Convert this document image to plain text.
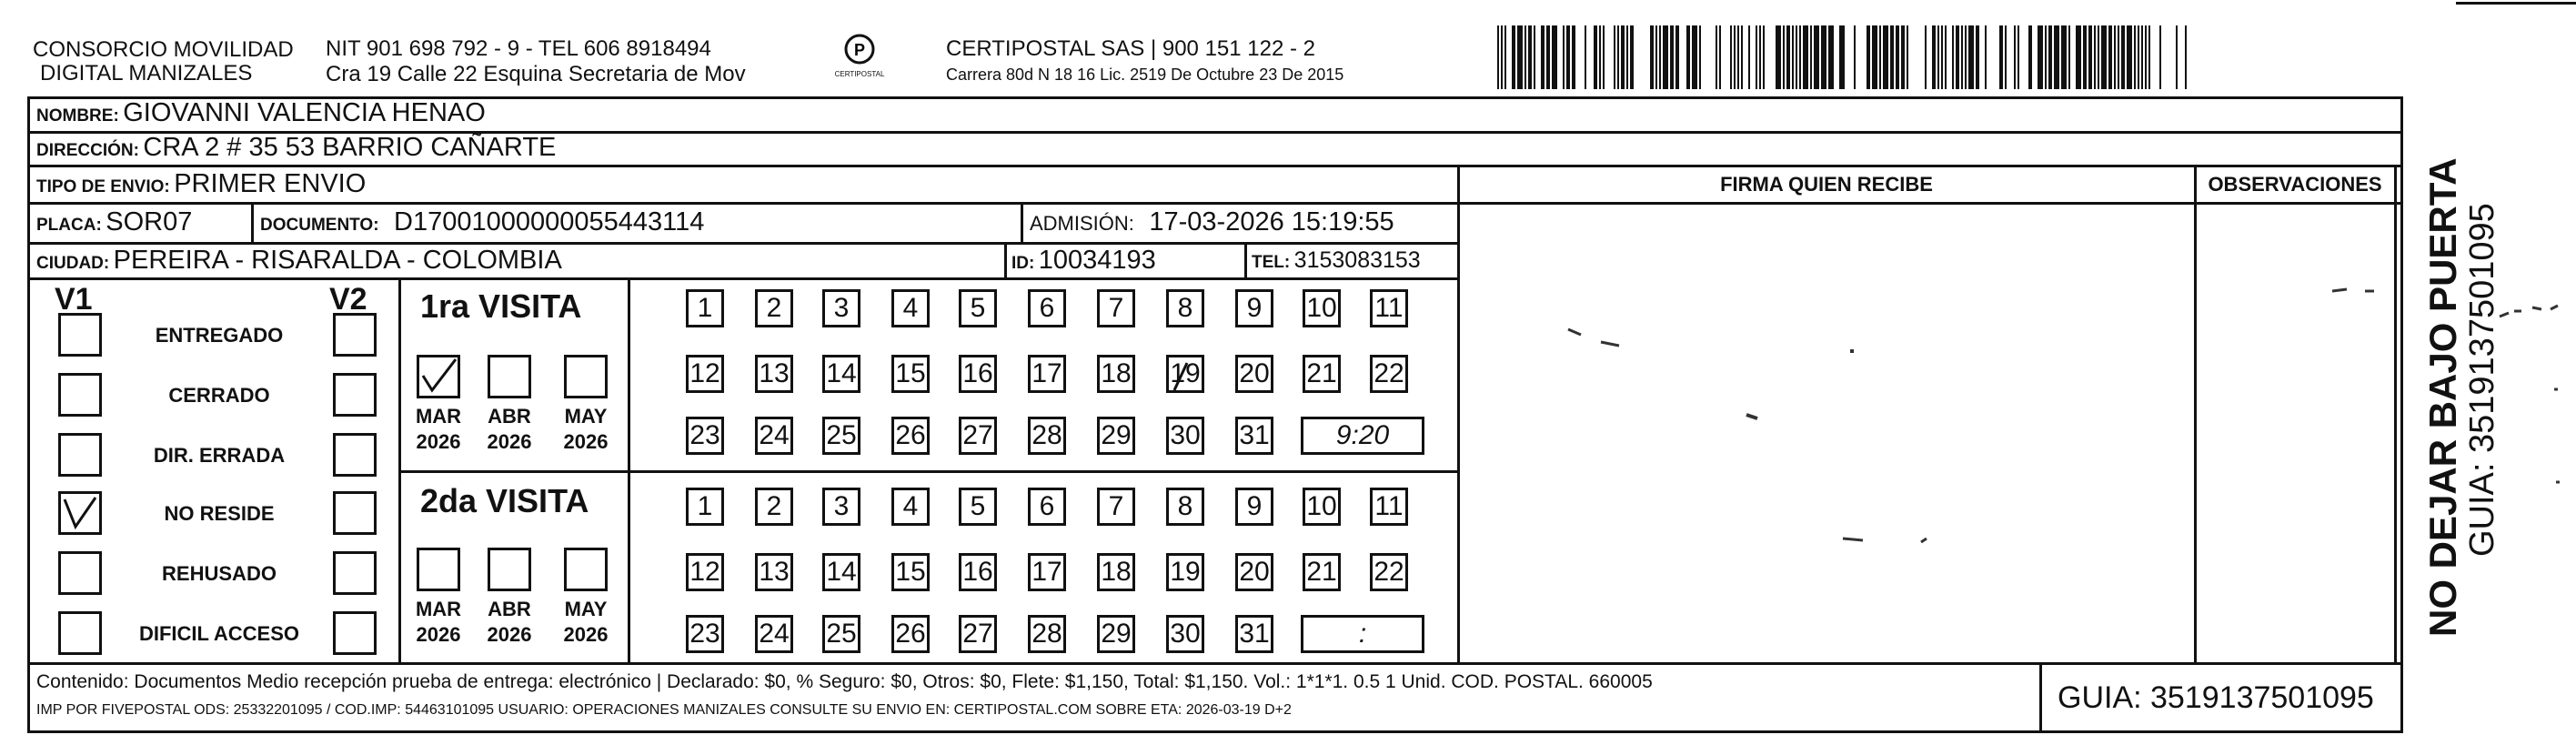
CONSORCIO MOVILIDAD
DIGITAL MANIZALES
NIT 901 698 792 - 9 - TEL 606 8918494
Cra 19 Calle 22 Esquina Secretaria de Mov
P
CERTIPOSTAL
CERTIPOSTAL SAS | 900 151 122 - 2
Carrera 80d N 18 16 Lic. 2519 De Octubre 23 De 2015
NOMBRE: GIOVANNI VALENCIA HENAO
DIRECCIÓN: CRA 2 # 35 53 BARRIO CAÑARTE
TIPO DE ENVIO: PRIMER ENVIO	FIRMA QUIEN RECIBE	OBSERVACIONES
PLACA: SOR07	DOCUMENTO: D17001000000055443114	ADMISIÓN: 17-03-2026 15:19:55
CIUDAD: PEREIRA - RISARALDA - COLOMBIA	ID: 10034193	TEL: 3153083153
V1	V2
ENTREGADO
CERRADO
DIR. ERRADA
NO RESIDE
REHUSADO
DIFICIL ACCESO
1ra VISITA
2da VISITA
1 2 3 4 5 6 7 8 9 10 11
12 13 14 15 16 17 18 19 20 21 22
23 24 25 26 27 28 29 30 31 9:20
1 2 3 4 5 6 7 8 9 10 11
12 13 14 15 16 17 18 19 20 21 22
23 24 25 26 27 28 29 30 31	:
MAR
2026
ABR
2026
MAY
2026
MAR
2026
ABR
2026
MAY
2026	NO DEJAR BAJO PUERTA GUIA: 3519137501095
Contenido: Documentos Medio recepción prueba de entrega: electrónico | Declarado: $0, % Seguro: $0, Otros: $0, Flete: $1,150, Total: $1,150. Vol.: 1*1*1. 0.5 1 Unid. COD. POSTAL. 660005
IMP POR FIVEPOSTAL ODS: 25332201095 / COD.IMP: 54463101095 USUARIO: OPERACIONES MANIZALES CONSULTE SU ENVIO EN: CERTIPOSTAL.COM SOBRE ETA: 2026-03-19 D+2	GUIA: 3519137501095
